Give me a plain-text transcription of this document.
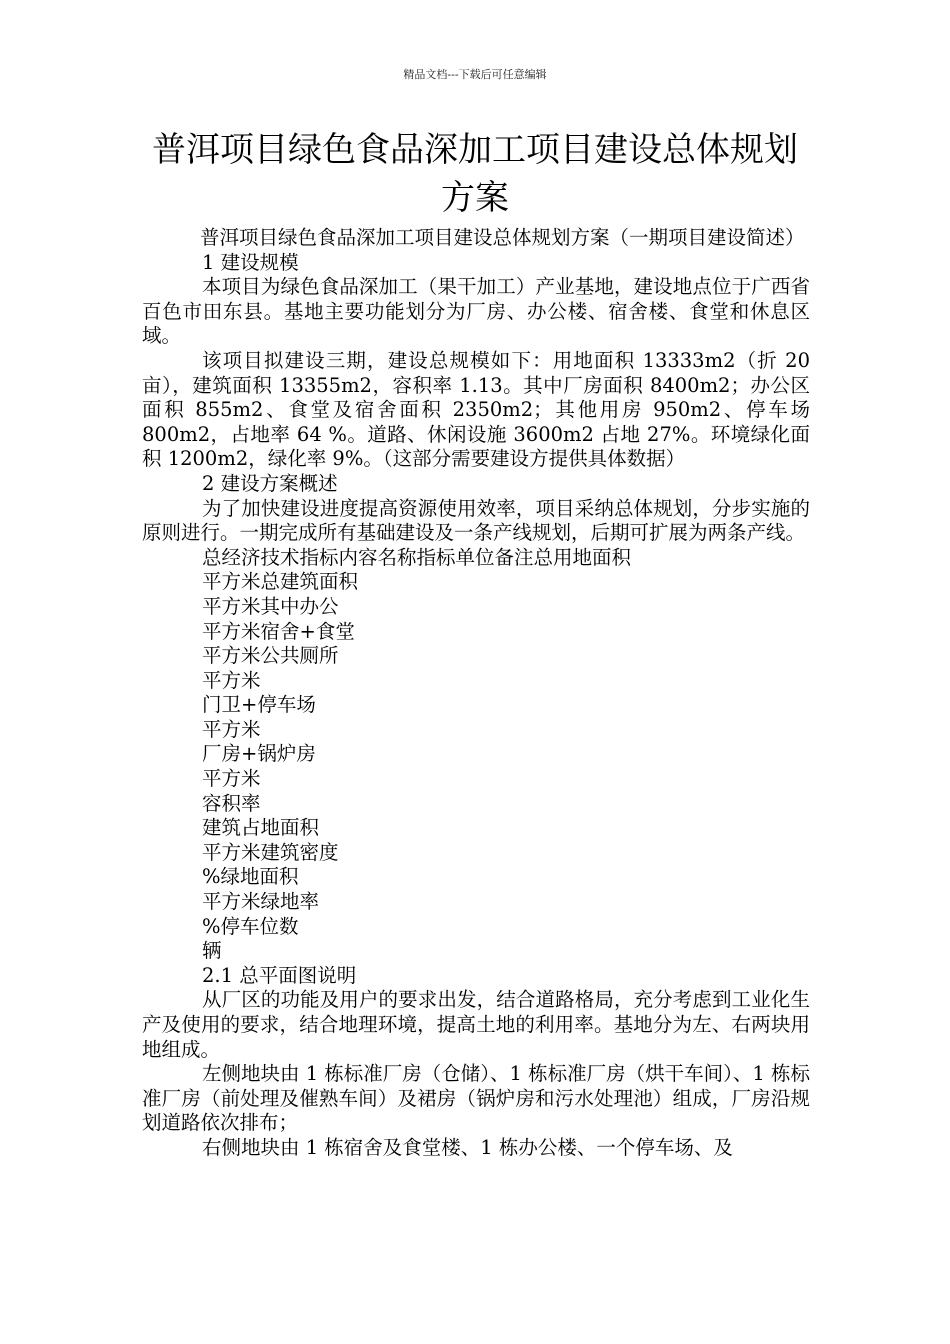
精品文档---下载后可任意编辑
普洱项目绿色食品深加工项目建设总体规划方案

普洱项目绿色食品深加工项目建设总体规划方案（一期项目建设简述）

1 建设规模

本项目为绿色食品深加工（果干加工）产业基地，建设地点位于广西省百色市田东县。基地主要功能划分为厂房、办公楼、宿舍楼、食堂和休息区域。

该项目拟建设三期，建设总规模如下：用地面积 13333m2（折 20 亩），建筑面积 13355m2，容积率 1.13。其中厂房面积 8400m2；办公区面积 855m2、食堂及宿舍面积 2350m2；其他用房 950m2、停车场 800m2，占地率 64 %。道路、休闲设施 3600m2 占地 27%。环境绿化面积 1200m2，绿化率 9%。（这部分需要建设方提供具体数据）

2 建设方案概述

为了加快建设进度提高资源使用效率，项目采纳总体规划，分步实施的原则进行。一期完成所有基础建设及一条产线规划，后期可扩展为两条产线。

总经济技术指标内容名称指标单位备注总用地面积

平方米总建筑面积

平方米其中办公

平方米宿舍+食堂

平方米公共厕所

平方米

门卫+停车场

平方米

厂房+锅炉房

平方米

容积率

建筑占地面积

平方米建筑密度

%绿地面积

平方米绿地率

%停车位数

辆

2.1 总平面图说明

从厂区的功能及用户的要求出发，结合道路格局，充分考虑到工业化生产及使用的要求，结合地理环境，提高土地的利用率。基地分为左、右两块用地组成。

左侧地块由 1 栋标准厂房（仓储）、1 栋标准厂房（烘干车间）、1 栋标准厂房（前处理及催熟车间）及裙房（锅炉房和污水处理池）组成，厂房沿规划道路依次排布；

右侧地块由 1 栋宿舍及食堂楼、1 栋办公楼、一个停车场、及
